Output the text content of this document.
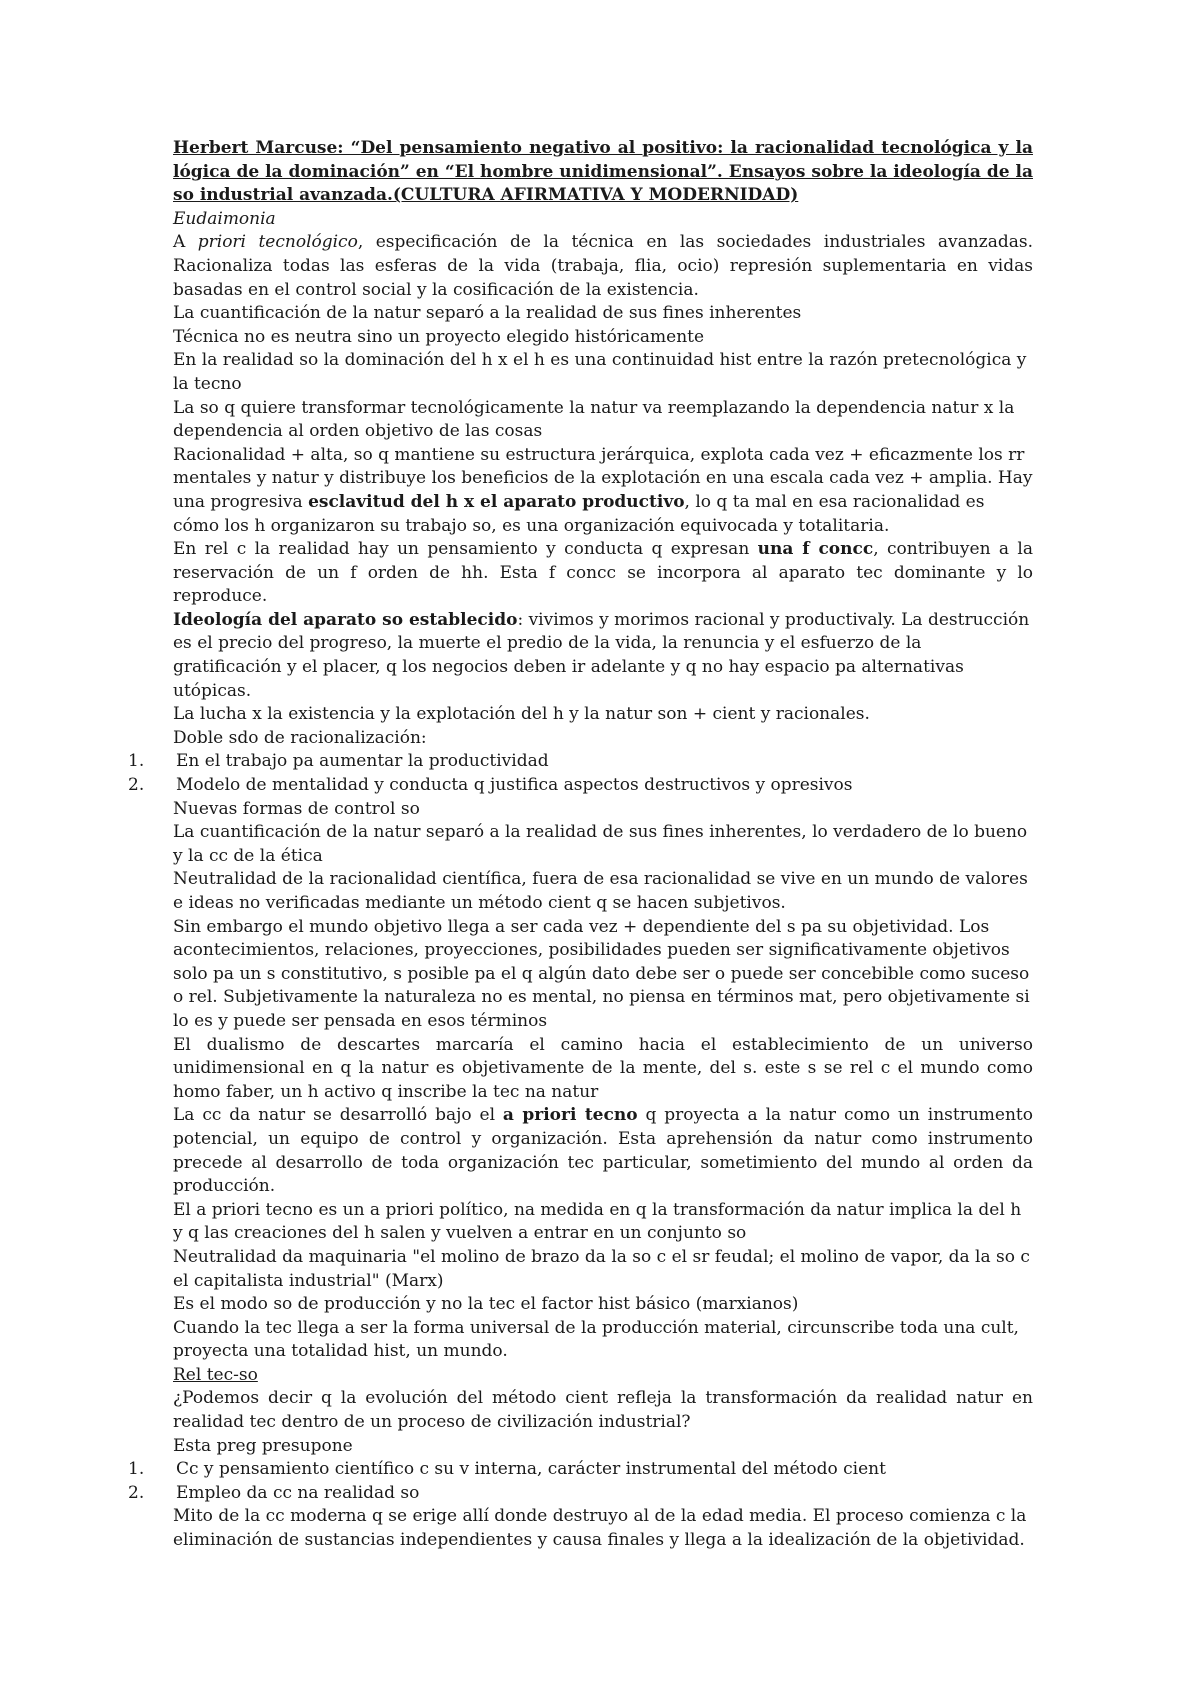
Herbert Marcuse: “Del pensamiento negativo al positivo: la racionalidad tecnológica y la lógica de la dominación” en “El hombre unidimensional”. Ensayos sobre la ideología de la so industrial avanzada.(CULTURA AFIRMATIVA Y MODERNIDAD)

Eudaimonia

A priori tecnológico, especificación de la técnica en las sociedades industriales avanzadas. Racionaliza todas las esferas de la vida (trabaja, flia, ocio) represión suplementaria en vidas basadas en el control social y la cosificación de la existencia.

La cuantificación de la natur separó a la realidad de sus fines inherentes

Técnica no es neutra sino un proyecto elegido históricamente

En la realidad so la dominación del h x el h es una continuidad hist entre la razón pretecnológica y la tecno

La so q quiere transformar tecnológicamente la natur va reemplazando la dependencia natur x la dependencia al orden objetivo de las cosas

Racionalidad + alta, so q mantiene su estructura jerárquica, explota cada vez + eficazmente los rr mentales y natur y distribuye los beneficios de la explotación en una escala cada vez + amplia. Hay una progresiva esclavitud del h x el aparato productivo, lo q ta mal en esa racionalidad es cómo los h organizaron su trabajo so, es una organización equivocada y totalitaria.

En rel c la realidad hay un pensamiento y conducta q expresan una f concc, contribuyen a la reservación de un f orden de hh. Esta f concc se incorpora al aparato tec dominante y lo reproduce.

Ideología del aparato so establecido: vivimos y morimos racional y productivaly. La destrucción es el precio del progreso, la muerte el predio de la vida, la renuncia y el esfuerzo de la gratificación y el placer, q los negocios deben ir adelante y q no hay espacio pa alternativas utópicas.

La lucha x la existencia y la explotación del h y la natur son + cient y racionales.

Doble sdo de racionalización:

1. En el trabajo pa aumentar la productividad
2. Modelo de mentalidad y conducta q justifica aspectos destructivos y opresivos

Nuevas formas de control so

La cuantificación de la natur separó a la realidad de sus fines inherentes, lo verdadero de lo bueno y la cc de la ética

Neutralidad de la racionalidad científica, fuera de esa racionalidad se vive en un mundo de valores e ideas no verificadas mediante un método cient q se hacen subjetivos.

Sin embargo el mundo objetivo llega a ser cada vez + dependiente del s pa su objetividad. Los acontecimientos, relaciones, proyecciones, posibilidades pueden ser significativamente objetivos solo pa un s constitutivo, s posible pa el q algún dato debe ser o puede ser concebible como suceso o rel. Subjetivamente la naturaleza no es mental, no piensa en términos mat, pero objetivamente si lo es y puede ser pensada en esos términos

El dualismo de descartes marcaría el camino hacia el establecimiento de un universo unidimensional en q la natur es objetivamente de la mente, del s. este s se rel c el mundo como homo faber, un h activo q inscribe la tec na natur

La cc da natur se desarrolló bajo el a priori tecno q proyecta a la natur como un instrumento potencial, un equipo de control y organización. Esta aprehensión da natur como instrumento precede al desarrollo de toda organización tec particular, sometimiento del mundo al orden da producción.

El a priori tecno es un a priori político, na medida en q la transformación da natur implica la del h y q las creaciones del h salen y vuelven a entrar en un conjunto so

Neutralidad da maquinaria "el molino de brazo da la so c el sr feudal; el molino de vapor, da la so c el capitalista industrial" (Marx)

Es el modo so de producción y no la tec el factor hist básico (marxianos)

Cuando la tec llega a ser la forma universal de la producción material, circunscribe toda una cult, proyecta una totalidad hist, un mundo.

Rel tec-so

¿Podemos decir q la evolución del método cient refleja la transformación da realidad natur en realidad tec dentro de un proceso de civilización industrial?

Esta preg presupone

1. Cc y pensamiento científico c su v interna, carácter instrumental del método cient
2. Empleo da cc na realidad so

Mito de la cc moderna q se erige allí donde destruyo al de la edad media. El proceso comienza c la eliminación de sustancias independientes y causa finales y llega a la idealización de la objetividad.
